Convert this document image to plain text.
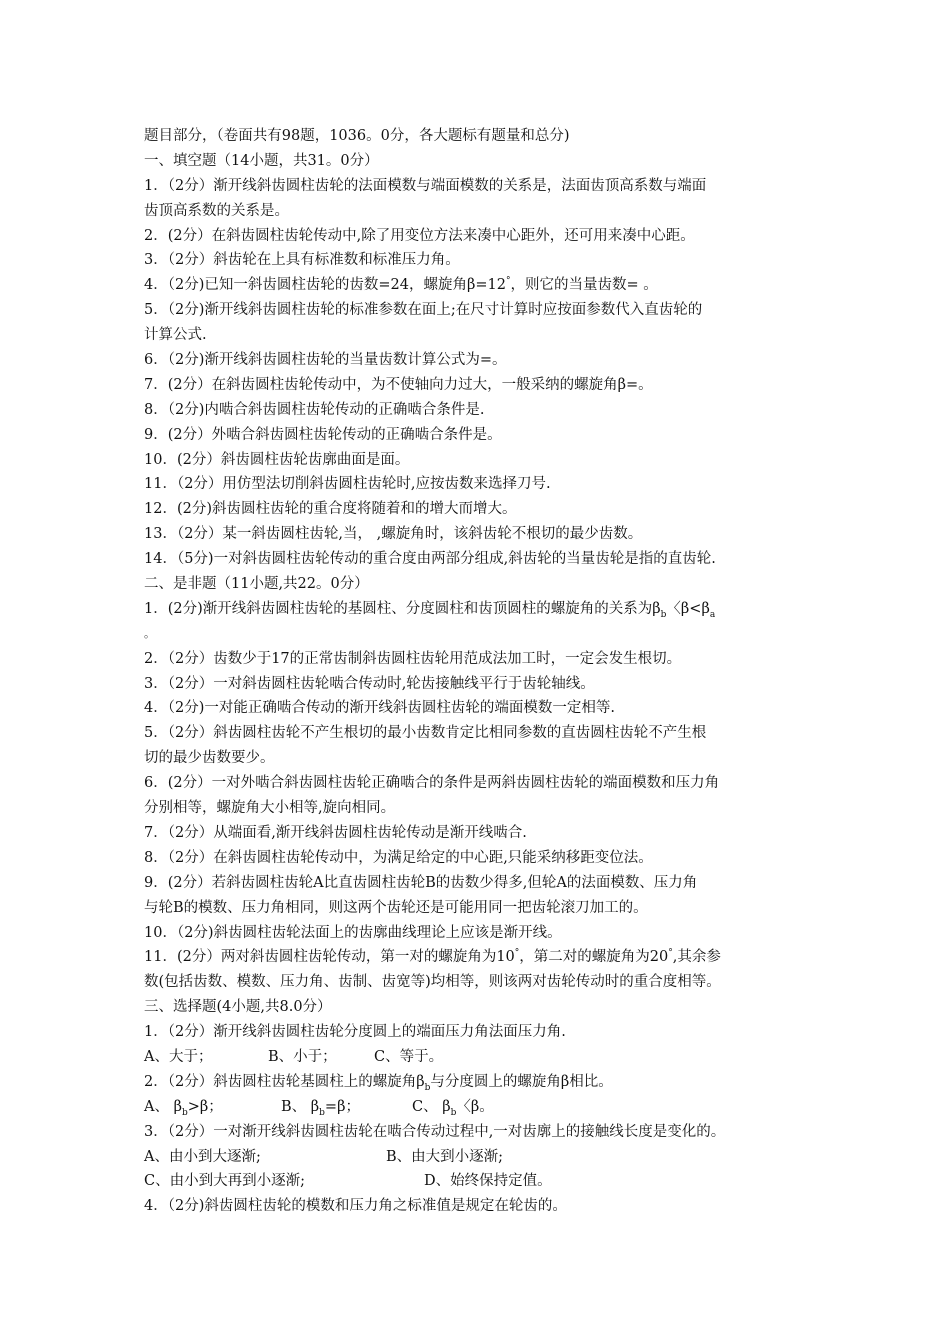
题目部分，（卷面共有98题，1036。0分，各大题标有题量和总分)
一、填空题（14小题，共31。0分）
1．（2分）渐开线斜齿圆柱齿轮的法面模数与端面模数的关系是，法面齿顶高系数与端面
齿顶高系数的关系是。
2．(2分）在斜齿圆柱齿轮传动中,除了用变位方法来凑中心距外，还可用来凑中心距。
3．（2分）斜齿轮在上具有标准数和标准压力角。
4．（2分)已知一斜齿圆柱齿轮的齿数=24，螺旋角β=12°，则它的当量齿数= 。
5．（2分)渐开线斜齿圆柱齿轮的标准参数在面上;在尺寸计算时应按面参数代入直齿轮的
计算公式.
6．（2分)渐开线斜齿圆柱齿轮的当量齿数计算公式为=。
7．(2分）在斜齿圆柱齿轮传动中，为不使轴向力过大，一般采纳的螺旋角β=。
8．（2分)内啮合斜齿圆柱齿轮传动的正确啮合条件是.
9．(2分）外啮合斜齿圆柱齿轮传动的正确啮合条件是。
10．(2分）斜齿圆柱齿轮齿廓曲面是面。
11．（2分）用仿型法切削斜齿圆柱齿轮时,应按齿数来选择刀号.
12．(2分)斜齿圆柱齿轮的重合度将随着和的增大而增大。
13．（2分）某一斜齿圆柱齿轮,当， ,螺旋角时，该斜齿轮不根切的最少齿数。
14．（5分)一对斜齿圆柱齿轮传动的重合度由两部分组成,斜齿轮的当量齿轮是指的直齿轮.
二、是非题（11小题,共22。0分）
1．(2分)渐开线斜齿圆柱齿轮的基圆柱、分度圆柱和齿顶圆柱的螺旋角的关系为$\beta_b$〈$\beta<\beta_a$
。
2．（2分）齿数少于17的正常齿制斜齿圆柱齿轮用范成法加工时，一定会发生根切。
3．（2分）一对斜齿圆柱齿轮啮合传动时,轮齿接触线平行于齿轮轴线。
4．（2分)一对能正确啮合传动的渐开线斜齿圆柱齿轮的端面模数一定相等.
5．（2分）斜齿圆柱齿轮不产生根切的最小齿数肯定比相同参数的直齿圆柱齿轮不产生根
切的最少齿数要少。
6．(2分）一对外啮合斜齿圆柱齿轮正确啮合的条件是两斜齿圆柱齿轮的端面模数和压力角
分别相等，螺旋角大小相等,旋向相同。
7．（2分）从端面看,渐开线斜齿圆柱齿轮传动是渐开线啮合.
8．（2分）在斜齿圆柱齿轮传动中，为满足给定的中心距,只能采纳移距变位法。
9．(2分）若斜齿圆柱齿轮A比直齿圆柱齿轮B的齿数少得多,但轮A的法面模数、压力角
与轮B的模数、压力角相同，则这两个齿轮还是可能用同一把齿轮滚刀加工的。
10．（2分)斜齿圆柱齿轮法面上的齿廓曲线理论上应该是渐开线。
11．(2分）两对斜齿圆柱齿轮传动，第一对的螺旋角为10°，第二对的螺旋角为20°,其余参
数(包括齿数、模数、压力角、齿制、齿宽等)均相等，则该两对齿轮传动时的重合度相等。
三、选择题(4小题,共8.0分）
1．（2分）渐开线斜齿圆柱齿轮分度圆上的端面压力角法面压力角.
A、大于；	B、小于；	C、等于。
2．（2分）斜齿圆柱齿轮基圆柱上的螺旋角$\beta_b$与分度圆上的螺旋角β相比。
A、 $\beta_b>\beta$；	B、 $\beta_b=\beta$；	C、 $\beta_b$〈β。
3．（2分）一对渐开线斜齿圆柱齿轮在啮合传动过程中,一对齿廓上的接触线长度是变化的。
A、由小到大逐渐;	B、由大到小逐渐;
C、由小到大再到小逐渐;	D、始终保持定值。
4．（2分)斜齿圆柱齿轮的模数和压力角之标准值是规定在轮齿的。
